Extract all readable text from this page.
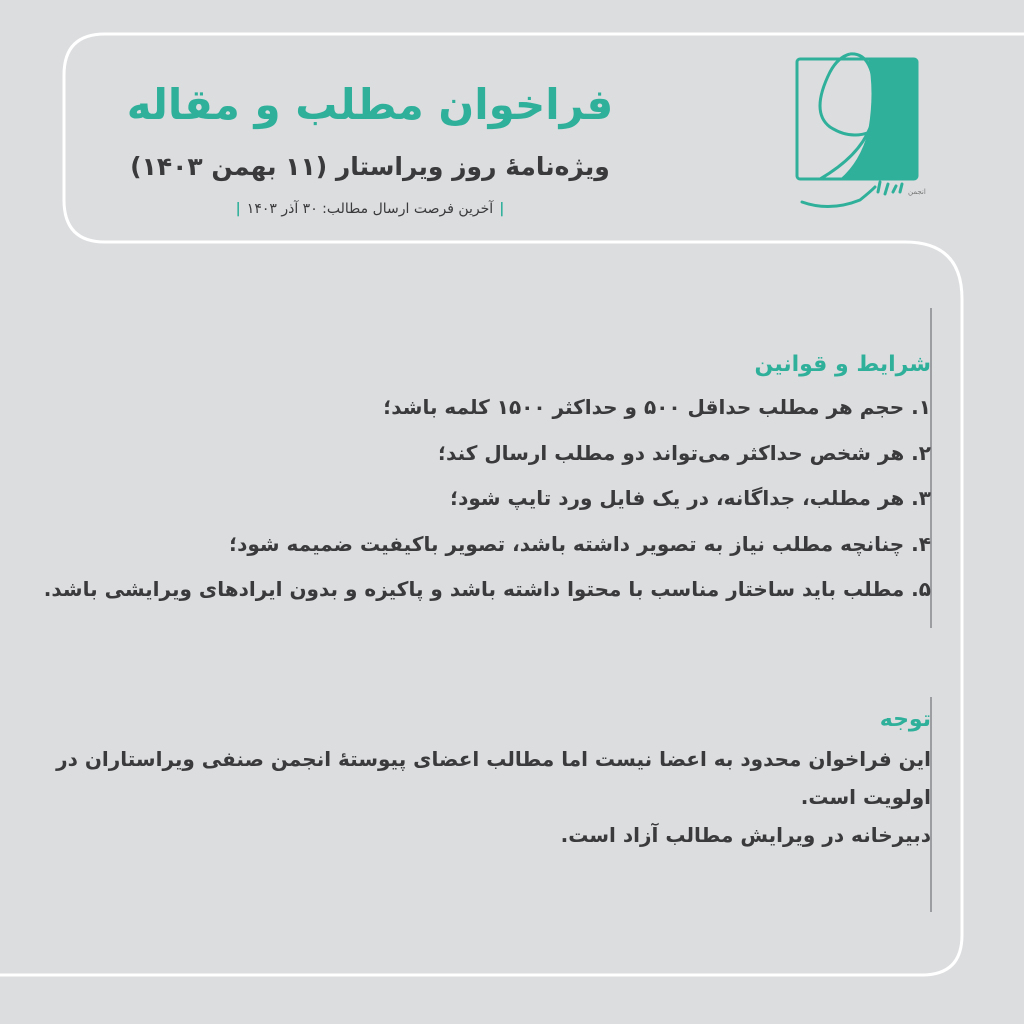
فراخوان مطلب و مقاله
ویژه‌نامهٔ روز ویراستار (۱۱ بهمن ۱۴۰۳)
|آخرین فرصت ارسال مطالب: ۳۰ آذر ۱۴۰۳|
انجمن
شرایط و قوانین
۱. حجم هر مطلب حداقل ۵۰۰ و حداکثر ۱۵۰۰ کلمه باشد؛
۲. هر شخص حداکثر می‌تواند دو مطلب ارسال کند؛
۳. هر مطلب، جداگانه، در یک فایل ورد تایپ شود؛
۴. چنانچه مطلب نیاز به تصویر داشته باشد، تصویر باکیفیت ضمیمه شود؛
۵. مطلب باید ساختار مناسب با محتوا داشته باشد و پاکیزه و بدون ایرادهای ویرایشی باشد.
توجه

این فراخوان محدود به اعضا نیست اما مطالب اعضای پیوستهٔ انجمن صنفی ویراستاران در اولویت است.

دبیرخانه در ویرایش مطالب آزاد است.
